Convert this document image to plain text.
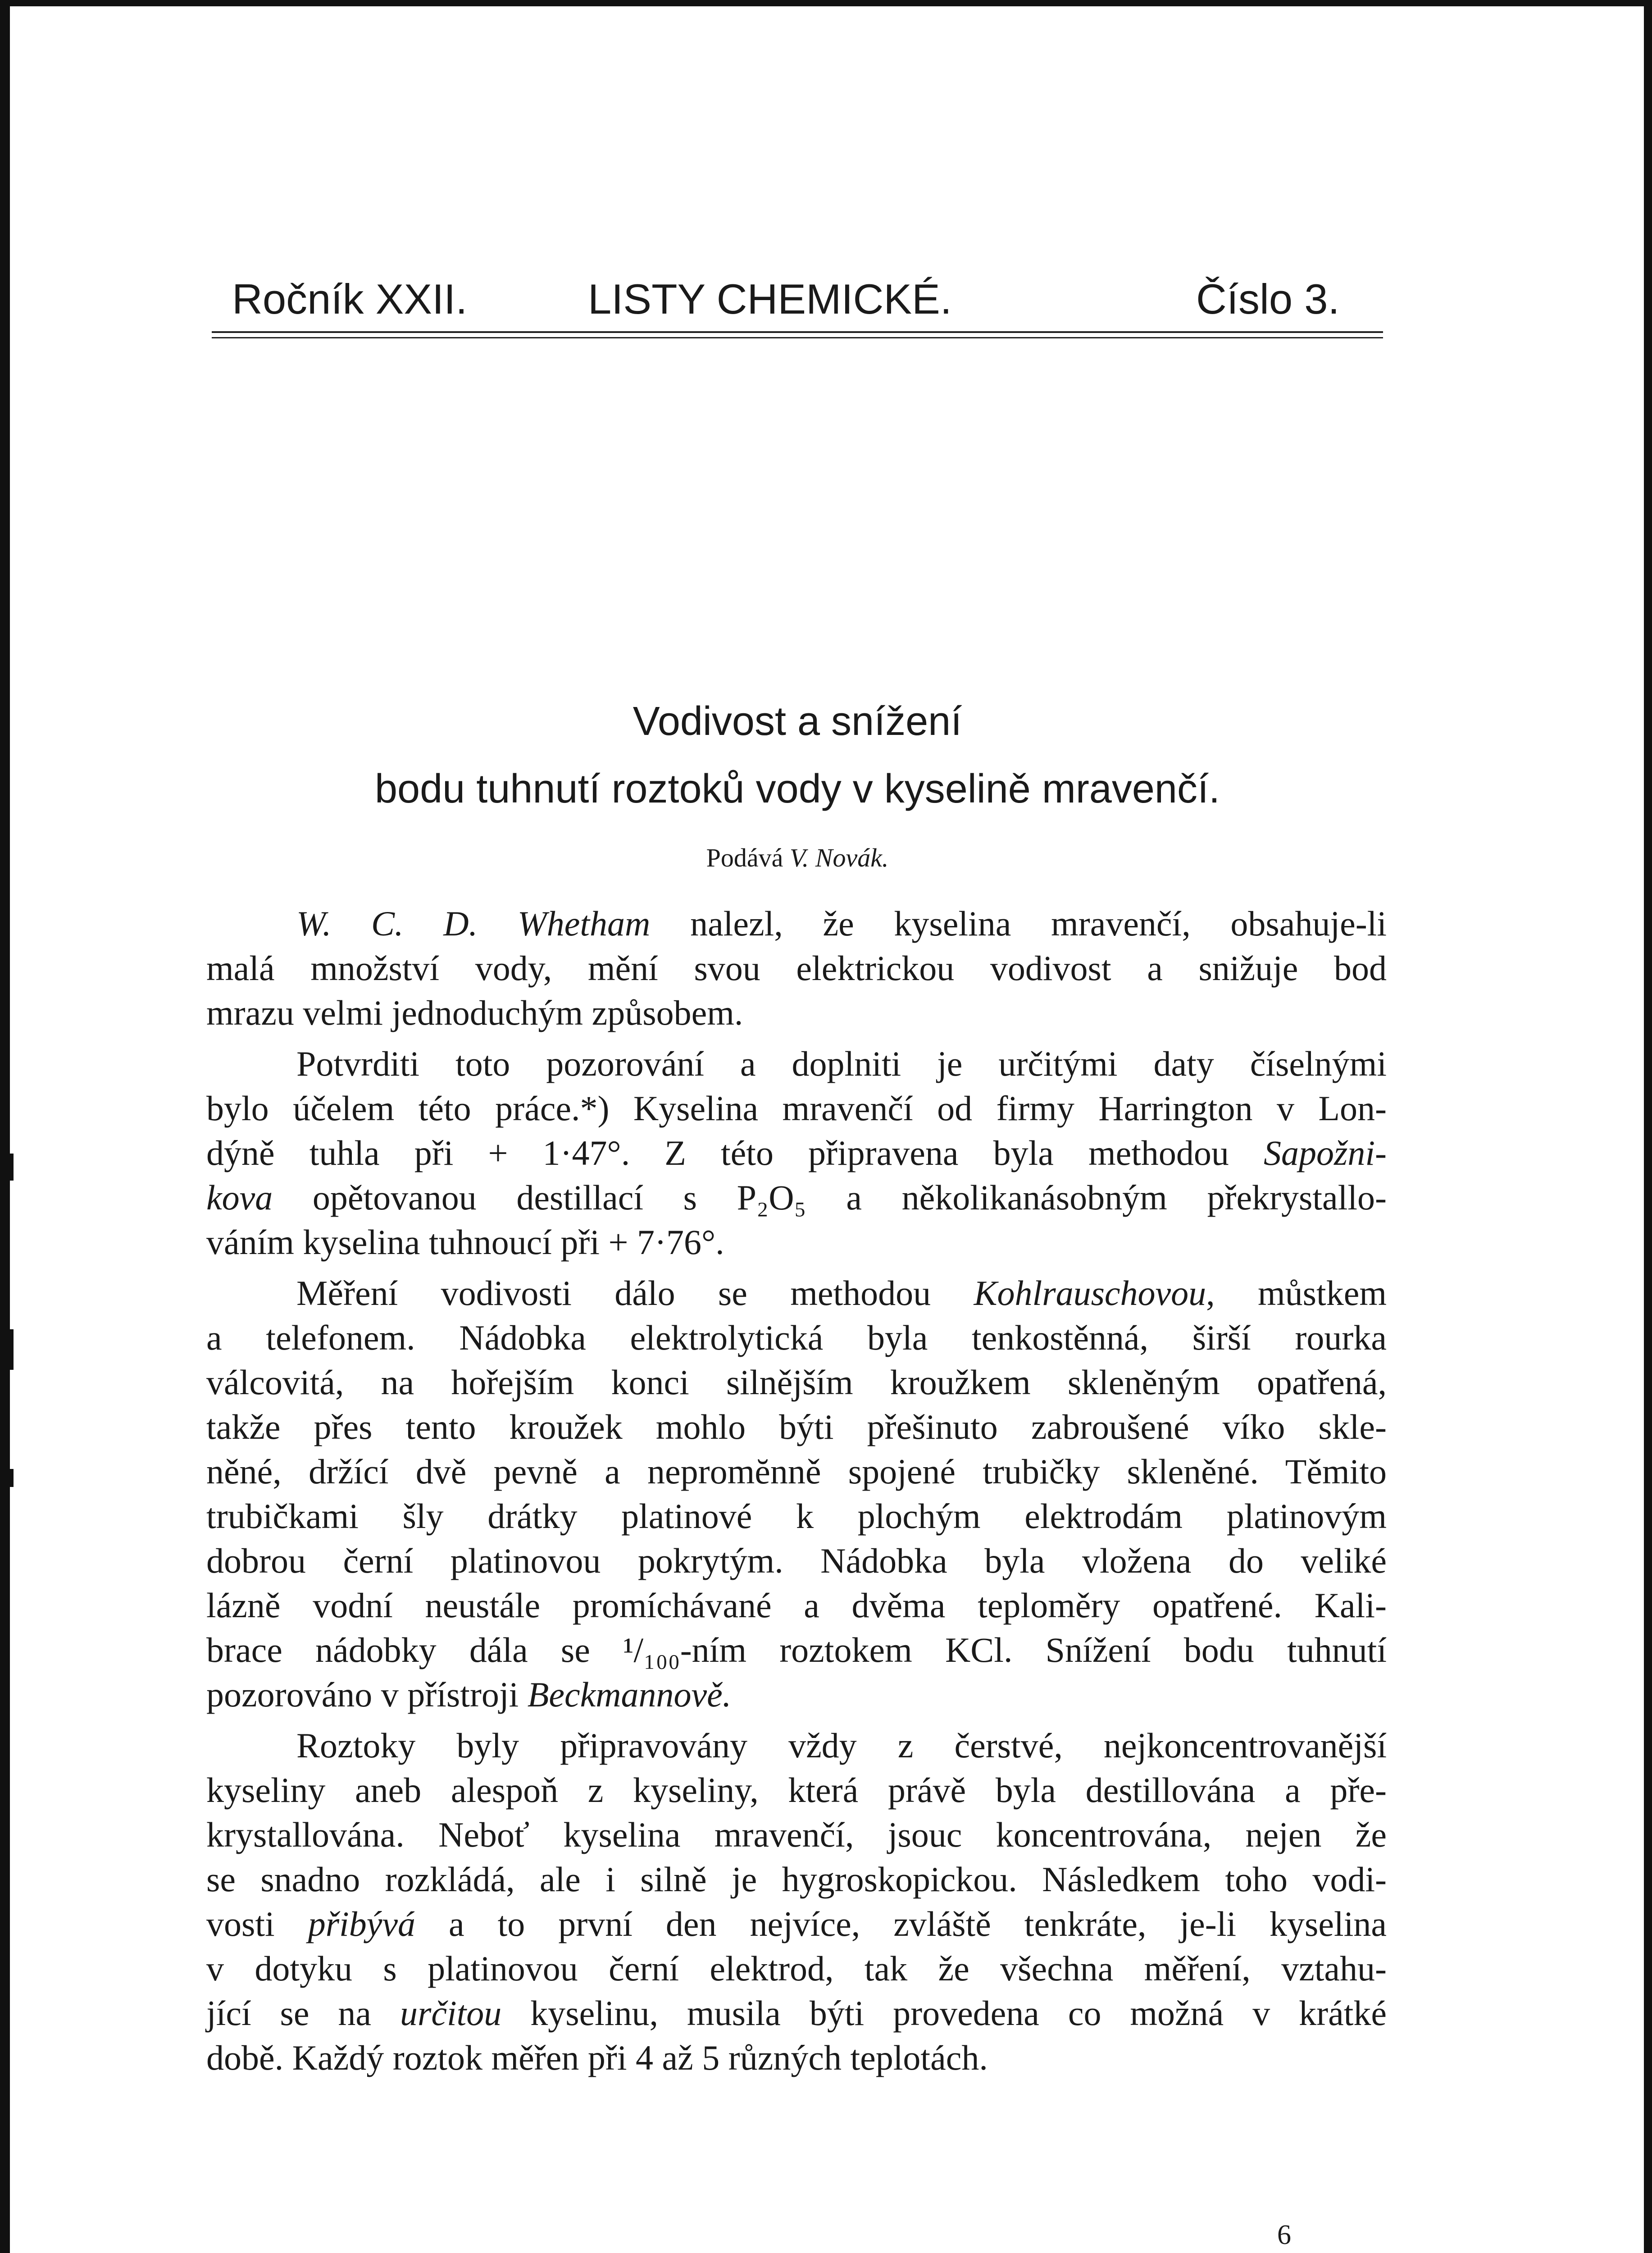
Ročník XXII.	LISTY CHEMICKÉ.	Číslo 3.
Vodivost a snížení
bodu tuhnutí roztoků vody v kyselině mravenčí.
Podává V. Novák.
W. C. D. Whetham nalezl, že kyselina mravenčí, obsahuje-li
malá množství vody, mění svou elektrickou vodivost a snižuje bod
mrazu velmi jednoduchým způsobem.
Potvrditi toto pozorování a doplniti je určitými daty číselnými
bylo účelem této práce.*) Kyselina mravenčí od firmy Harrington v Lon-
dýně tuhla při + 1·47°. Z této připravena byla methodou Sapožni-
kova opětovanou destillací s P₂O₅ a několikanásobným překrystallo-
váním kyselina tuhnoucí při + 7·76°.
Měření vodivosti dálo se methodou Kohlrauschovou, můstkem
a telefonem. Nádobka elektrolytická byla tenkostěnná, širší rourka
válcovitá, na hořejším konci silnějším kroužkem skleněným opatřená,
takže přes tento kroužek mohlo býti přešinuto zabroušené víko skle-
něné, držící dvě pevně a nepromĕnně spojené trubičky skleněné. Těmito
trubičkami šly drátky platinové k plochým elektrodám platinovým
dobrou černí platinovou pokrytým. Nádobka byla vložena do veliké
lázně vodní neustále promíchávané a dvěma teploměry opatřené. Kali-
brace nádobky dála se ¹/₁₀₀-ním roztokem KCl. Snížení bodu tuhnutí
pozorováno v přístroji Beckmannově.
Roztoky byly připravovány vždy z čerstvé, nejkoncentrovanější
kyseliny aneb alespoň z kyseliny, která právě byla destillována a pře-
krystallována. Neboť kyselina mravenčí, jsouc koncentrována, nejen že
se snadno rozkládá, ale i silně je hygroskopickou. Následkem toho vodi-
vosti přibývá a to první den nejvíce, zvláště tenkráte, je-li kyselina
v dotyku s platinovou černí elektrod, tak že všechna měření, vztahu-
jící se na určitou kyselinu, musila býti provedena co možná v krátké
době. Každý roztok měřen při 4 až 5 různých teplotách.
6
